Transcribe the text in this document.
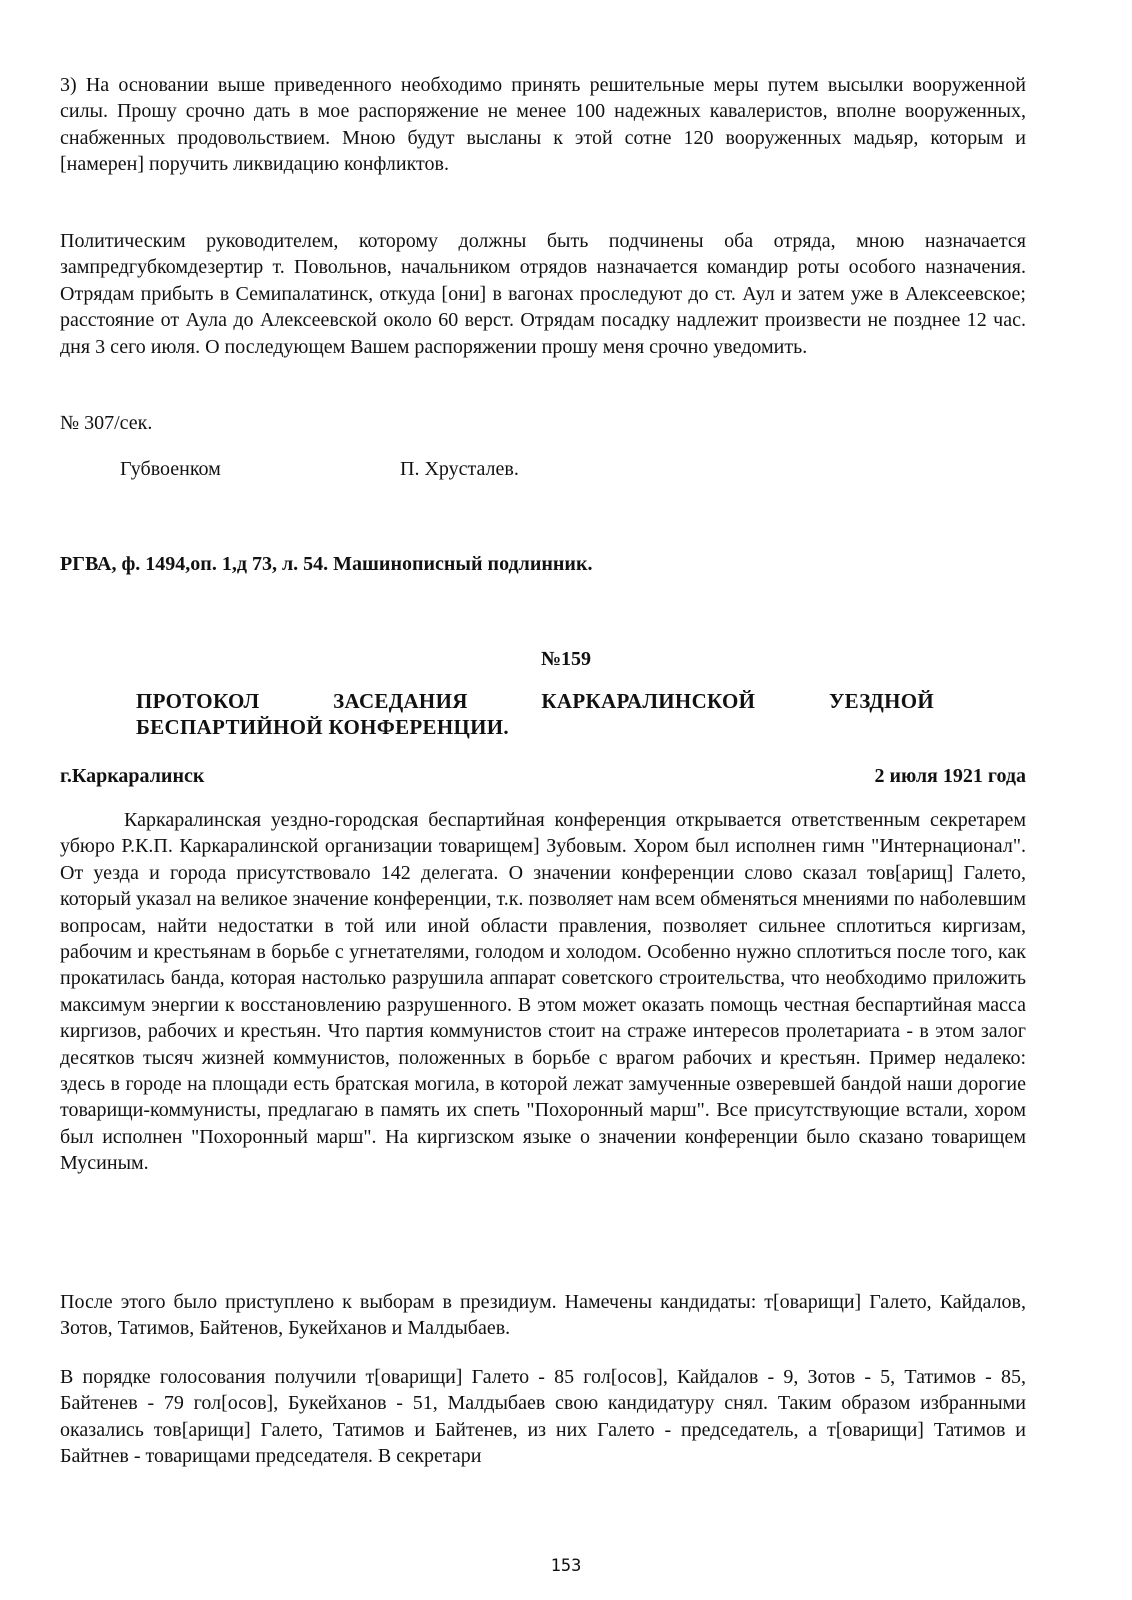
3) На основании выше приведенного необходимо принять решительные меры путем высылки вооруженной силы. Прошу срочно дать в мое распоряжение не менее 100 надежных кавалеристов, вполне вооруженных, снабженных продовольствием. Мною будут высланы к этой сотне 120 вооруженных мадьяр, которым и [намерен] поручить ликвидацию конфликтов.

Политическим руководителем, которому должны быть подчинены оба отряда, мною назначается зампредгубкомдезертир т. Повольнов, начальником отрядов назначается командир роты особого назначения. Отрядам прибыть в Семипалатинск, откуда [они] в вагонах проследуют до ст. Аул и затем уже в Алексеевское; расстояние от Аула до Алексеевской около 60 верст. Отрядам посадку надлежит произвести не позднее 12 час. дня 3 сего июля. О последующем Вашем распоряжении прошу меня срочно уведомить.

№ 307/сек.
Губвоенком	П. Хрусталев.
РГВА, ф. 1494,оп. 1,д 73, л. 54. Машинописный подлинник.
№159
ПРОТОКОЛ ЗАСЕДАНИЯ КАРКАРАЛИНСКОЙ УЕЗДНОЙ
БЕСПАРТИЙНОЙ КОНФЕРЕНЦИИ.
г.Каркаралинск	2 июля 1921 года

Каркаралинская уездно-городская беспартийная конференция открывается ответственным секретарем убюро Р.К.П. Каркаралинской организации товарищем] Зубовым. Хором был исполнен гимн "Интернационал". От уезда и города присутствовало 142 делегата. О значении конференции слово сказал тов[арищ] Галето, который указал на великое значение конференции, т.к. позволяет нам всем обменяться мнениями по наболевшим вопросам, найти недостатки в той или иной области правления, позволяет сильнее сплотиться киргизам, рабочим и крестьянам в борьбе с угнетателями, голодом и холодом. Особенно нужно сплотиться после того, как прокатилась банда, которая настолько разрушила аппарат советского строительства, что необходимо приложить максимум энергии к восстановлению разрушенного. В этом может оказать помощь честная беспартийная масса киргизов, рабочих и крестьян. Что партия коммунистов стоит на страже интересов пролетариата - в этом залог десятков тысяч жизней коммунистов, положенных в борьбе с врагом рабочих и крестьян. Пример недалеко: здесь в городе на площади есть братская могила, в которой лежат замученные озверевшей бандой наши дорогие товарищи-коммунисты, предлагаю в память их спеть "Похоронный марш". Все присутствующие встали, хором был исполнен "Похоронный марш". На киргизском языке о значении конференции было сказано товарищем Мусиным.

После этого было приступлено к выборам в президиум. Намечены кандидаты: т[оварищи] Галето, Кайдалов, Зотов, Татимов, Байтенов, Букейханов и Малдыбаев.

В порядке голосования получили т[оварищи] Галето - 85 гол[осов], Кайдалов - 9, Зотов - 5, Татимов - 85, Байтенев - 79 гол[осов], Букейханов - 51, Малдыбаев свою кандидатуру снял. Таким образом избранными оказались тов[арищи] Галето, Татимов и Байтенев, из них Галето - председатель, а т[оварищи] Татимов и Байтнев - товарищами председателя. В секретари

153
